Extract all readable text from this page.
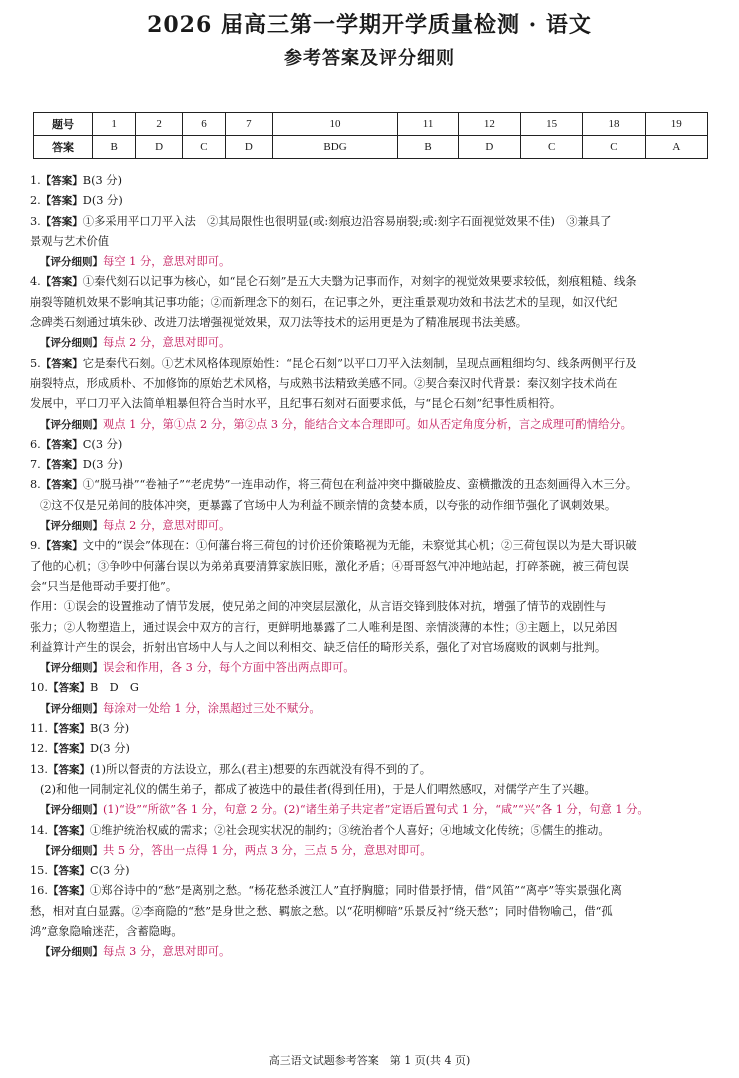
2026 届高三第一学期开学质量检测 · 语文
参考答案及评分细则
题号	1	2	6	7	10	11	12	15	18	19
答案	B	D	C	D	BDG	B	D	C	C	A
1.【答案】B(3 分)
2.【答案】D(3 分)
3.【答案】①多采用平口刀平入法　②其局限性也很明显(或:刻痕边沿容易崩裂;或:刻字石面视觉效果不佳)　③兼具了
景观与艺术价值
【评分细则】每空 1 分，意思对即可。
4.【答案】①秦代刻石以记事为核心，如“昆仑石刻”是五大夫翳为记事而作，对刻字的视觉效果要求较低，刻痕粗糙、线条
崩裂等随机效果不影响其记事功能；②而新理念下的刻石，在记事之外，更注重景观功效和书法艺术的呈现，如汉代纪
念碑类石刻通过填朱砂、改进刀法增强视觉效果，双刀法等技术的运用更是为了精准展现书法美感。
【评分细则】每点 2 分，意思对即可。
5.【答案】它是秦代石刻。①艺术风格体现原始性：“昆仑石刻”以平口刀平入法刻制，呈现点画粗细均匀、线条两侧平行及
崩裂特点，形成质朴、不加修饰的原始艺术风格，与成熟书法精致美感不同。②契合秦汉时代背景：秦汉刻字技术尚在
发展中，平口刀平入法简单粗暴但符合当时水平，且纪事石刻对石面要求低，与“昆仑石刻”纪事性质相符。
【评分细则】观点 1 分，第①点 2 分，第②点 3 分，能结合文本合理即可。如从否定角度分析，言之成理可酌情给分。
6.【答案】C(3 分)
7.【答案】D(3 分)
8.【答案】①“脱马褂”“卷袖子”“老虎势”一连串动作，将三荷包在利益冲突中撕破脸皮、蛮横撒泼的丑态刻画得入木三分。
②这不仅是兄弟间的肢体冲突，更暴露了官场中人为利益不顾亲情的贪婪本质，以夸张的动作细节强化了讽刺效果。
【评分细则】每点 2 分，意思对即可。
9.【答案】文中的“误会”体现在：①何藩台将三荷包的讨价还价策略视为无能，未察觉其心机；②三荷包误以为是大哥识破
了他的心机；③争吵中何藩台误以为弟弟真要清算家族旧账，激化矛盾；④哥哥怒气冲冲地站起，打碎茶碗，被三荷包误
会“只当是他哥动手要打他”。
作用：①误会的设置推动了情节发展，使兄弟之间的冲突层层激化，从言语交锋到肢体对抗，增强了情节的戏剧性与
张力；②人物塑造上，通过误会中双方的言行，更鲜明地暴露了二人唯利是图、亲情淡薄的本性；③主题上，以兄弟因
利益算计产生的误会，折射出官场中人与人之间以利相交、缺乏信任的畸形关系，强化了对官场腐败的讽刺与批判。
【评分细则】误会和作用，各 3 分，每个方面中答出两点即可。
10.【答案】B　D　G
【评分细则】每涂对一处给 1 分，涂黑超过三处不赋分。
11.【答案】B(3 分)
12.【答案】D(3 分)
13.【答案】(1)所以督责的方法设立，那么(君主)想要的东西就没有得不到的了。
(2)和他一同制定礼仪的儒生弟子，都成了被选中的最佳者(得到任用)，于是人们喟然感叹，对儒学产生了兴趣。
【评分细则】(1)“设”“所欲”各 1 分，句意 2 分。(2)“诸生弟子共定者”定语后置句式 1 分，“咸”“兴”各 1 分，句意 1 分。
14.【答案】①维护统治权威的需求；②社会现实状况的制约；③统治者个人喜好；④地域文化传统；⑤儒生的推动。
【评分细则】共 5 分，答出一点得 1 分，两点 3 分，三点 5 分，意思对即可。
15.【答案】C(3 分)
16.【答案】①郑谷诗中的“愁”是离别之愁。“杨花愁杀渡江人”直抒胸臆；同时借景抒情，借“风笛”“离亭”等实景强化离
愁，相对直白显露。②李商隐的“愁”是身世之愁、羁旅之愁。以“花明柳暗”乐景反衬“绕天愁”；同时借物喻己，借“孤
鸿”意象隐喻迷茫，含蓄隐晦。
【评分细则】每点 3 分，意思对即可。
高三语文试题参考答案　第 1 页(共 4 页)
